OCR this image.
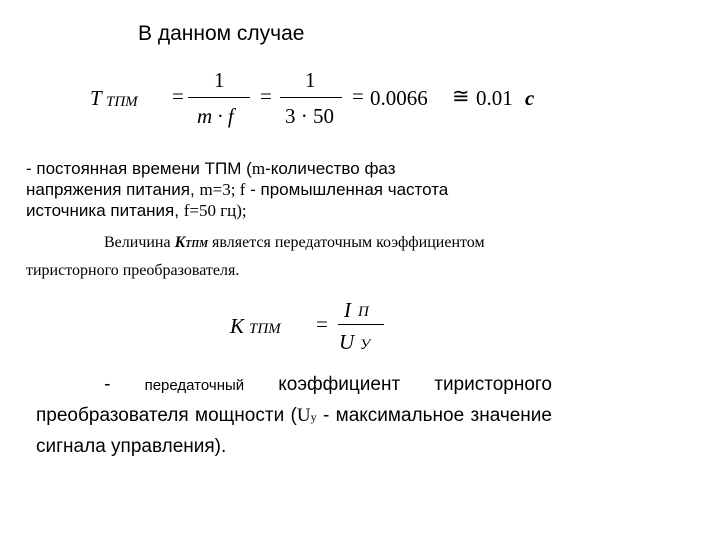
В данном случае
T ТПМ =
1
m · f
=
1
3 · 50
= 0.0066 ≅ 0.01 с
- постоянная времени ТПМ (m-количество фаз
напряжения питания, m=3; f - промышленная частота
источника питания, f=50 гц);
Величина KТПМ является передаточным коэффициентом
тиристорного преобразователя.
K ТПМ =
I П
U У
- передаточный коэффициент тиристорного преобразователя мощности (Uу - максимальное значение сигнала управления).
